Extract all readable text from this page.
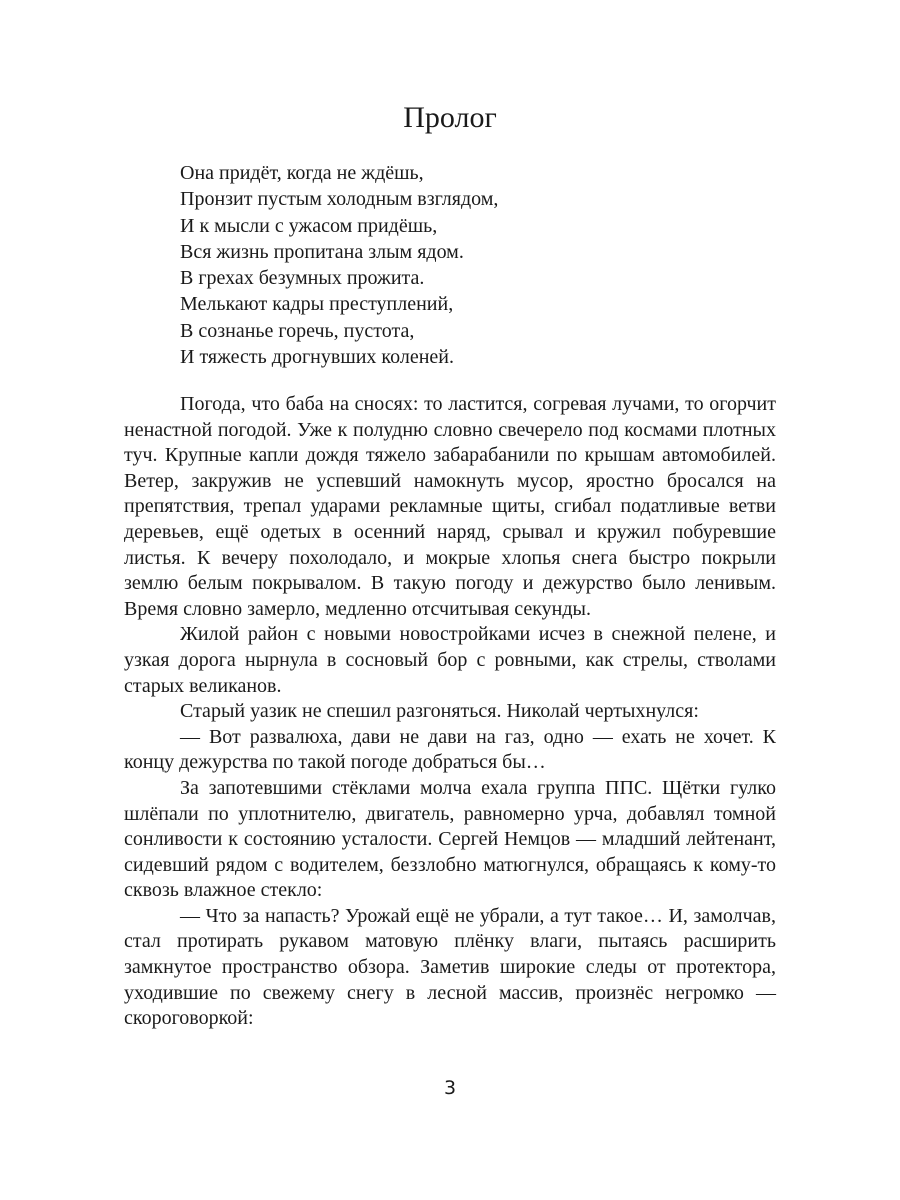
Пролог
Она придёт, когда не ждёшь,
Пронзит пустым холодным взглядом,
И к мысли с ужасом придёшь,
Вся жизнь пропитана злым ядом.
В грехах безумных прожита.
Мелькают кадры преступлений,
В сознанье горечь, пустота,
И тяжесть дрогнувших коленей.

Погода, что баба на сносях: то ластится, согревая лучами, то огорчит ненастной погодой. Уже к полудню словно свечерело под космами плотных туч. Крупные капли дождя тяжело забарабанили по крышам автомобилей. Ветер, закружив не успевший намокнуть мусор, яростно бросался на препятствия, трепал ударами рекламные щиты, сгибал податливые ветви деревьев, ещё одетых в осенний наряд, срывал и кружил побуревшие листья. К вечеру похолодало, и мокрые хлопья снега быстро покрыли землю белым покрывалом. В такую погоду и дежурство было ленивым. Время словно замерло, медленно отсчитывая секунды.

Жилой район с новыми новостройками исчез в снежной пелене, и узкая дорога нырнула в сосновый бор с ровными, как стрелы, стволами старых великанов.

Старый уазик не спешил разгоняться. Николай чертыхнулся:

— Вот развалюха, дави не дави на газ, одно — ехать не хочет. К концу дежурства по такой погоде добраться бы…

За запотевшими стёклами молча ехала группа ППС. Щётки гулко шлёпали по уплотнителю, двигатель, равномерно урча, добавлял томной сонливости к состоянию усталости. Сергей Немцов — младший лейтенант, сидевший рядом с водителем, беззлобно матюгнулся, обращаясь к кому-то сквозь влажное стекло:

— Что за напасть? Урожай ещё не убрали, а тут такое… И, замолчав, стал протирать рукавом матовую плёнку влаги, пытаясь расширить замкнутое пространство обзора. Заметив широкие следы от протектора, уходившие по свежему снегу в лесной массив, произнёс негромко — скороговоркой:

3
